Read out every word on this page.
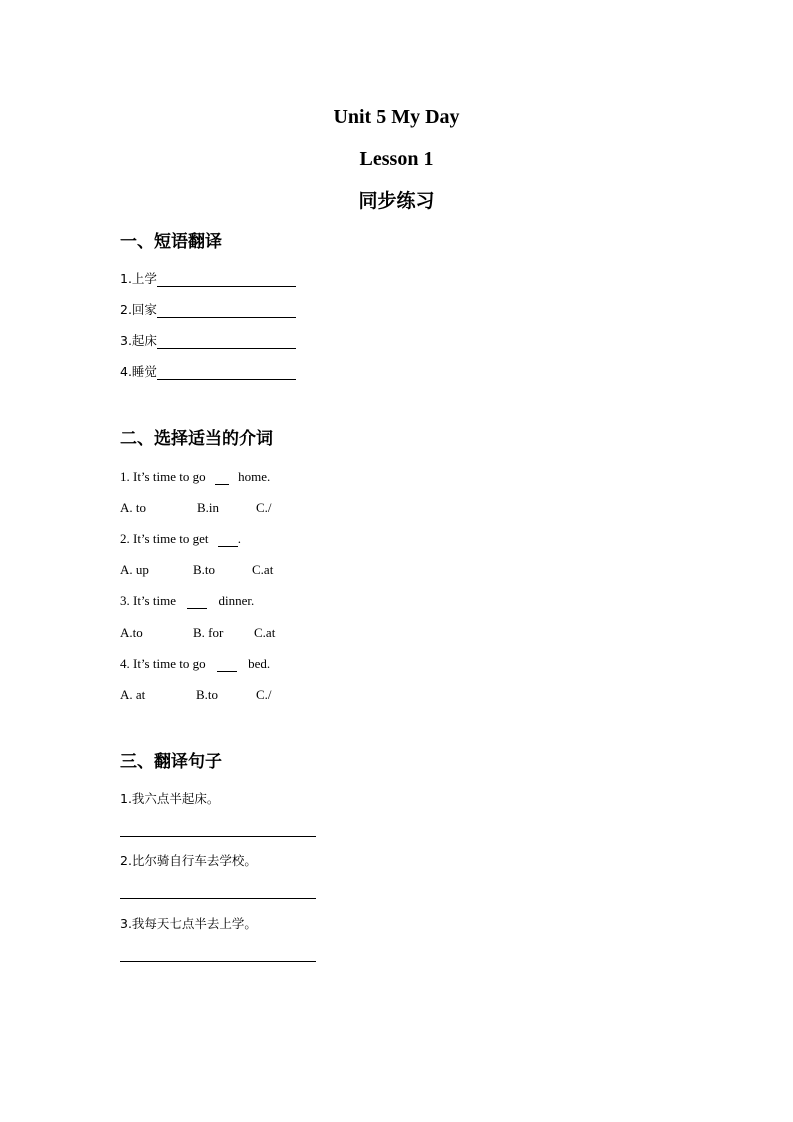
Unit 5 My Day
Lesson 1
同步练习
一、短语翻译
1.上学
2.回家
3.起床
4.睡觉
二、选择适当的介词
1. It’s time to go	home.
A. to	B.in	C./
2. It’s time to get .
A. up	B.to	C.at
3. It’s time	dinner.
A.to	B. for C.at
4. It’s time to go	bed.
A. at	B.to	C./
三、翻译句子
1.我六点半起床。
2.比尔骑自行车去学校。
3.我每天七点半去上学。
